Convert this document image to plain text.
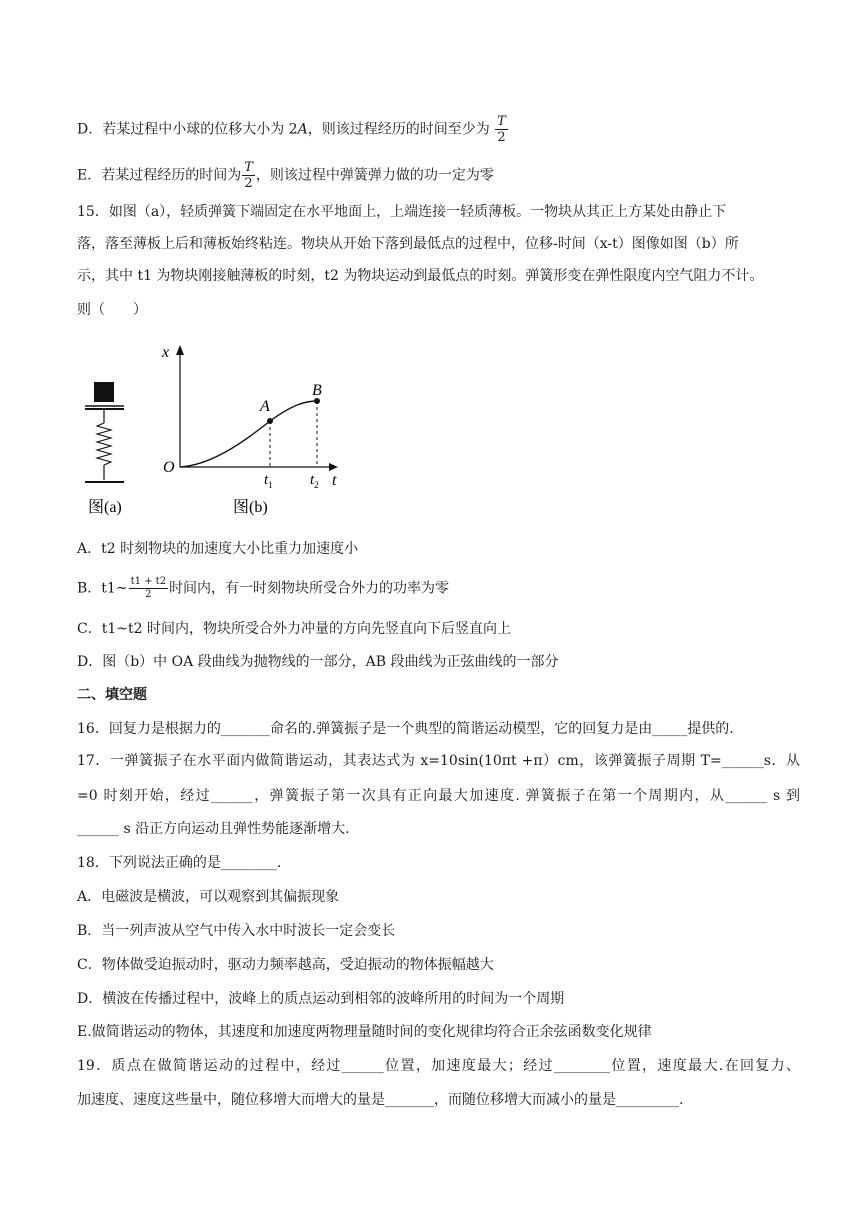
D．若某过程中小球的位移大小为 2A，则该过程经历的时间至少为 $\frac{T}{2}$
E．若某过程经历的时间为 $\frac{T}{2}$ ，则该过程中弹簧弹力做的功一定为零
15．如图（a），轻质弹簧下端固定在水平地面上，上端连接一轻质薄板。一物块从其正上方某处由静止下
落，落至薄板上后和薄板始终粘连。物块从开始下落到最低点的过程中，位移-时间（x-t）图像如图（b）所
示，其中 t1 为物块刚接触薄板的时刻，t2 为物块运动到最低点的时刻。弹簧形变在弹性限度内空气阻力不计。
则（　　）
图(a)
x
t
O
A
B
$t_1$ $t_2$
图(b)
A．t2 时刻物块的加速度大小比重力加速度小
B．t1~ $\frac{t1 + t2}{2}$ 时间内，有一时刻物块所受合外力的功率为零
C．t1~t2 时间内，物块所受合外力冲量的方向先竖直向下后竖直向上
D．图（b）中 OA 段曲线为抛物线的一部分，AB 段曲线为正弦曲线的一部分
二、填空题
16．回复力是根据力的_______命名的.弹簧振子是一个典型的简谐运动模型，它的回复力是由_____提供的.
17．一弹簧振子在水平面内做简谐运动，其表达式为 x=10sin(10πt +π）cm，该弹簧振子周期 T=______s．从
=0 时刻开始，经过______，弹簧振子第一次具有正向最大加速度. 弹簧振子在第一个周期内，从______ s 到
______ s 沿正方向运动且弹性势能逐渐增大.
18．下列说法正确的是________.
A．电磁波是横波，可以观察到其偏振现象
B．当一列声波从空气中传入水中时波长一定会变长
C．物体做受迫振动时，驱动力频率越高，受迫振动的物体振幅越大
D．横波在传播过程中，波峰上的质点运动到相邻的波峰所用的时间为一个周期
E.做简谐运动的物体，其速度和加速度两物理量随时间的变化规律均符合正余弦函数变化规律
19．质点在做简谐运动的过程中，经过______位置，加速度最大；经过________位置，速度最大.在回复力、
加速度、速度这些量中，随位移增大而增大的量是_______，而随位移增大而减小的量是_________.
